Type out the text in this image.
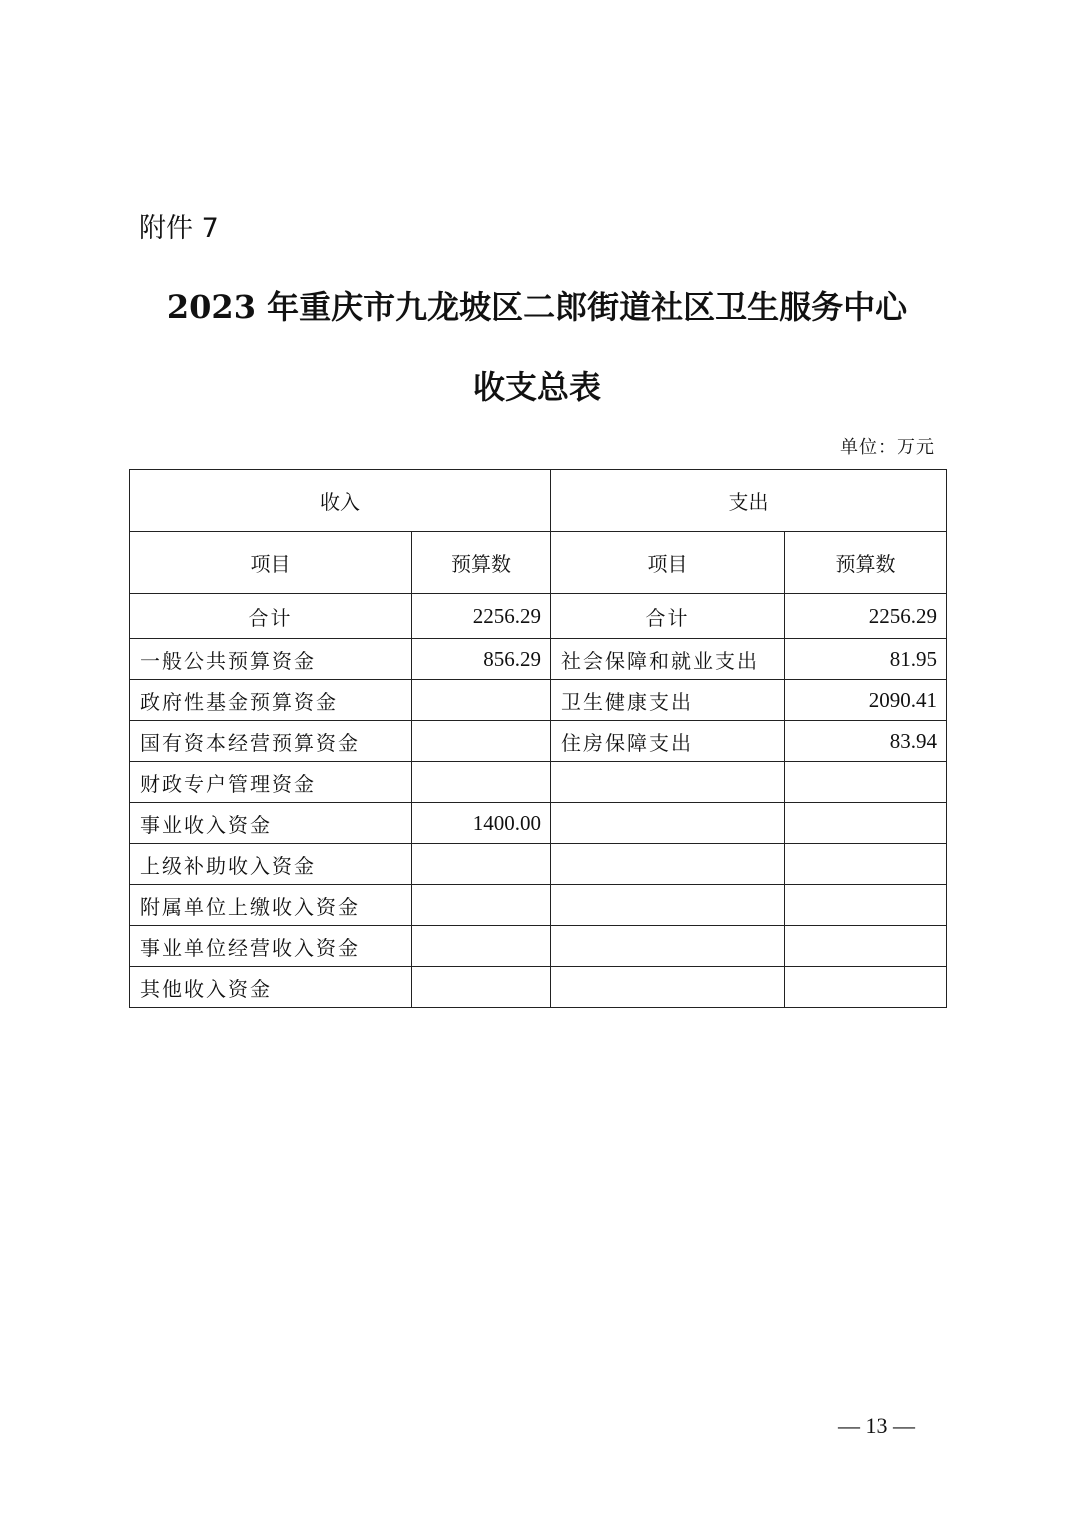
附件 7
2023 年重庆市九龙坡区二郎街道社区卫生服务中心
收支总表
单位：万元
收入		支出	
项目	预算数	项目	预算数
合计	2256.29	合计	2256.29
一般公共预算资金	856.29	社会保障和就业支出	81.95
政府性基金预算资金		卫生健康支出	2090.41
国有资本经营预算资金		住房保障支出	83.94
财政专户管理资金			
事业收入资金	1400.00		
上级补助收入资金			
附属单位上缴收入资金			
事业单位经营收入资金			
其他收入资金			
— 13 —
